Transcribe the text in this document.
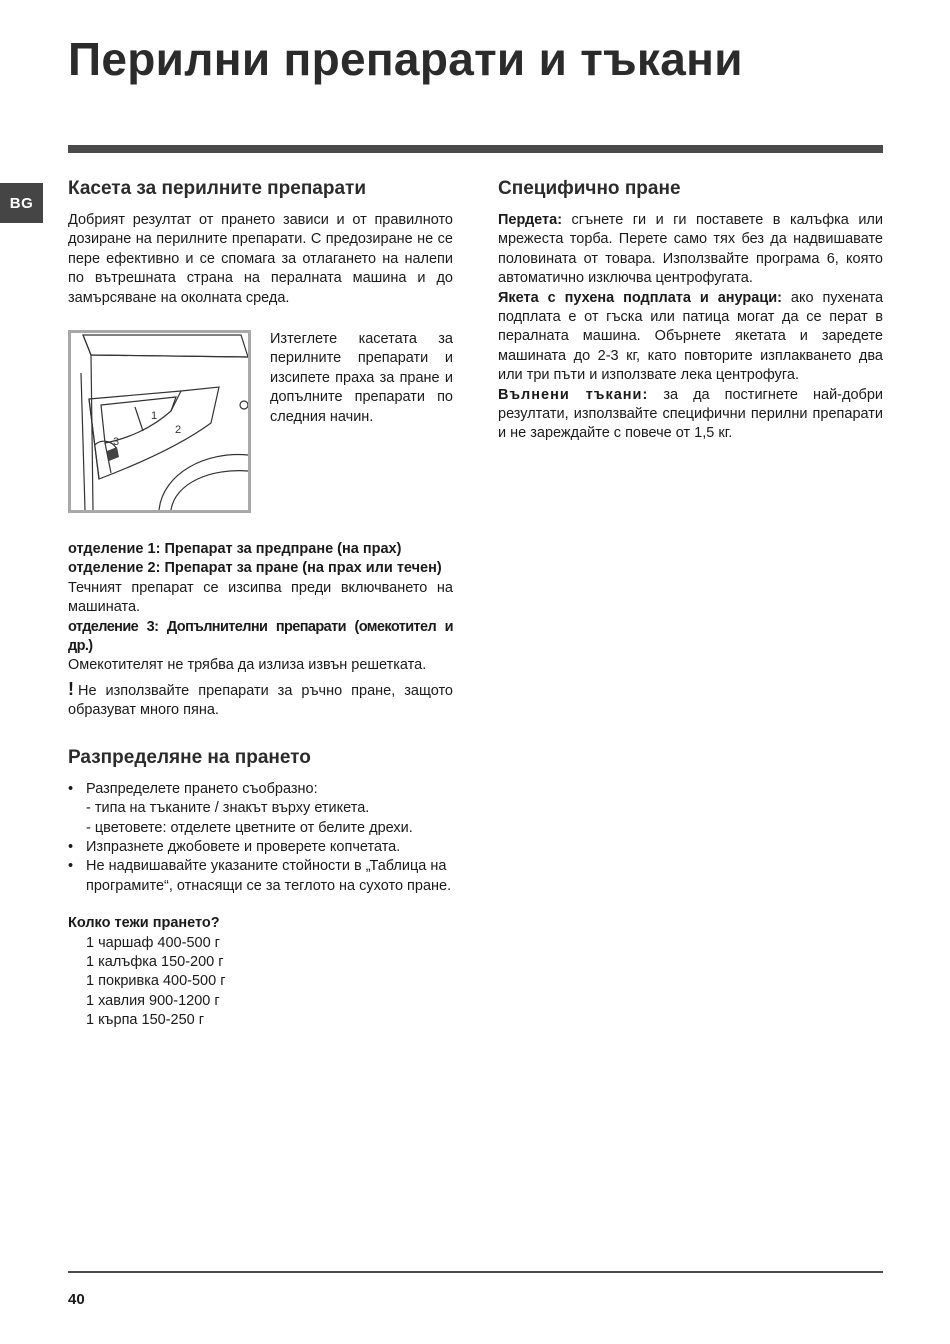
Перилни препарати и тъкани
BG
Касета за перилните препарати

Добрият резултат от прането зависи и от правилното дозиране на перилните препарати. С предозиране не се пере ефективно и се спомага за отлагането на налепи по вътрешната страна на пералната машина и до замърсяване на околната среда.

1
2
3
Изтеглете касетата за перилните препарати и изсипете праха за пране и допълните препарати по следния начин.

отделение 1: Препарат за предпране (на прах)

отделение 2: Препарат за пране (на прах или течен)

Течният препарат се изсипва преди включването на машината.

отделение 3: Допълнителни препарати (омекотител и др.)

Омекотителят не трябва да излиза извън решетката.

! Не използвайте препарати за ръчно пране, защото образуват много пяна.

Разпределяне на прането
• Разпределете прането съобразно:
- типа на тъканите / знакът върху етикета.
- цветовете: отделете цветните от белите дрехи.
• Изпразнете джобовете и проверете копчетата.
• Не надвишавайте указаните стойности в „Таблица на програмите“, отнасящи се за теглото на сухото пране.
Колко тежи прането?
1 чаршаф 400-500 г
1 калъфка 150-200 г
1 покривка 400-500 г
1 хавлия 900-1200 г
1 кърпа 150-250 г
Специфично пране

Пердета: сгънете ги и ги поставете в калъфка или мрежеста торба. Перете само тях без да надвишавате половината от товара. Използвайте програма 6, която автоматично изключва центрофугата.

Якета с пухена подплата и анураци: ако пухената подплата е от гъска или патица могат да се перат в пералната машина. Обърнете якетата и заредете машината до 2-3 кг, като повторите изплакването два или три пъти и използвате лека центрофуга.

Вълнени тъкани: за да постигнете най-добри резултати, използвайте специфични перилни препарати и не зареждайте с повече от 1,5 кг.

40
